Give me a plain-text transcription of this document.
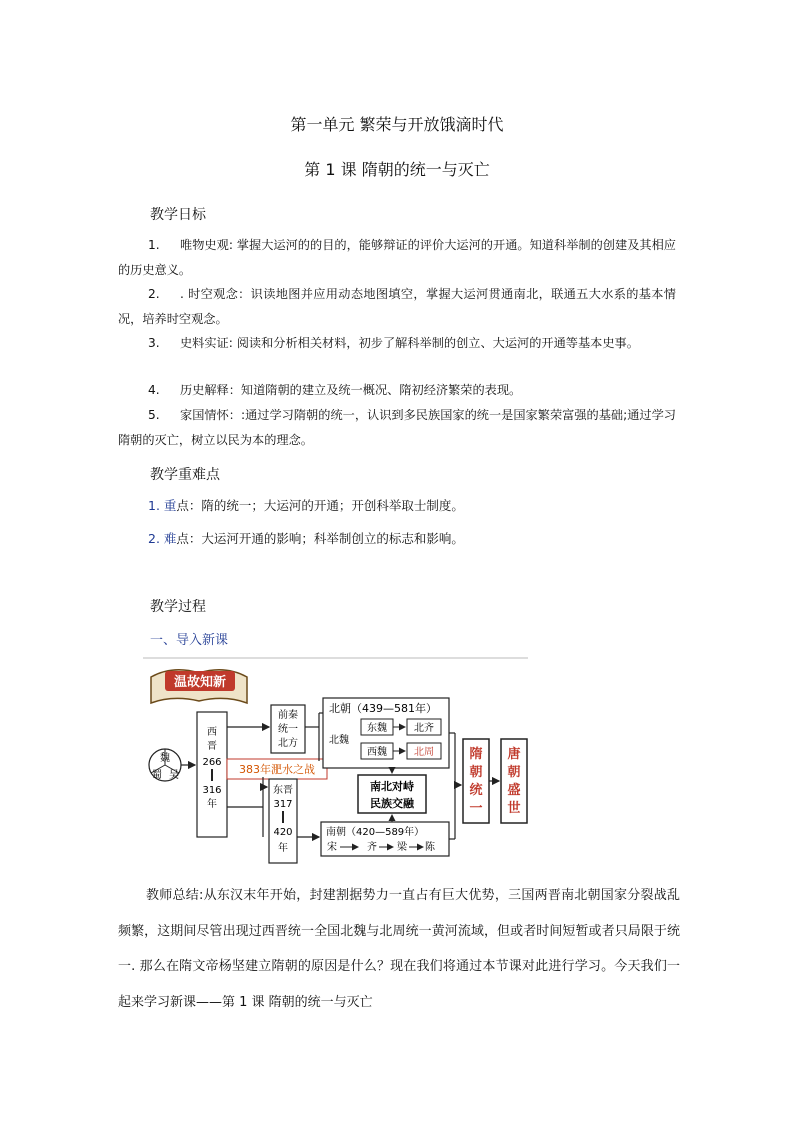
第一单元 繁荣与开放饿滴时代
第 1 课 隋朝的统一与灭亡
教学日标
1. 唯物史观: 掌握大运河的的目的，能够辩证的评价大运河的开通。知道科举制的创建及其相应的历史意义。
2. . 时空观念：识读地图并应用动态地图填空，掌握大运河贯通南北，联通五大水系的基本情况，培养时空观念。
3. 史料实证: 阅读和分析相关材料，初步了解科举制的创立、大运河的开通等基本史事。
4. 历史解释：知道隋朝的建立及统一概况、隋初经济繁荣的表现。
5. 家国情怀：:通过学习隋朝的统一，认识到多民族国家的统一是国家繁荣富强的基础;通过学习隋朝的灭亡，树立以民为本的理念。
教学重难点
1. 重点：隋的统一；大运河的开通；开创科举取士制度。
2. 难点：大运河开通的影响；科举制创立的标志和影响。
教学过程
一、导入新课
温故知新
魏
蜀 吴
西
晋
266
316
年
前秦
统一
北方
383年淝水之战
北朝（439—581年）
北魏
东魏
西魏
北齐
北周
东晋
317
420
年
南朝（420—589年）
宋	齐 梁 陈
南北对峙
民族交融
隋
朝
统
一
唐
朝
盛
世
教师总结:从东汉末年开始，封建割据势力一直占有巨大优势，三国两晋南北朝国家分裂战乱频繁，这期间尽管出现过西晋统一全国北魏与北周统一黄河流域，但或者时间短暂或者只局限于统一. 那么在隋文帝杨坚建立隋朝的原因是什么？现在我们将通过本节课对此进行学习。今天我们一起来学习新课——第 1 课 隋朝的统一与灭亡
